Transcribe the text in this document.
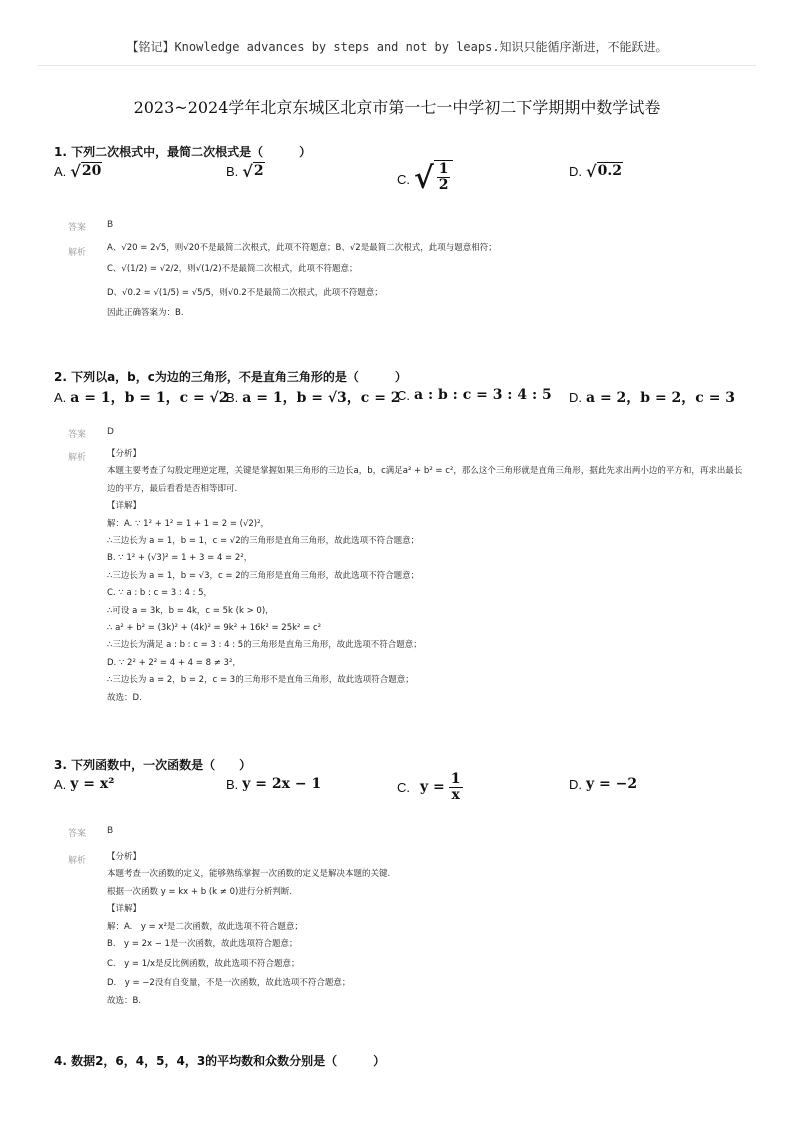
【铭记】Knowledge advances by steps and not by leaps.知识只能循序渐进，不能跃进。
2023~2024学年北京东城区北京市第一七一中学初二下学期期中数学试卷
1. 下列二次根式中，最简二次根式是（　　　）
A. √ 20	B. √ 2	C. √ $\frac{1}{2}$	D. √ 0.2
答案 B
解析 A、√20 = 2√5，则√20不是最简二次根式，此项不符题意；B、√2是最简二次根式，此项与题意相符；
C、√(1/2) = √2/2，则√(1/2)不是最简二次根式，此项不符题意；
D、√0.2 = √(1/5) = √5/5，则√0.2不是最简二次根式，此项不符题意；
因此正确答案为：B.
2. 下列以a，b，c为边的三角形，不是直角三角形的是（　　　）
A. a = 1，b = 1，c = √2
B. a = 1，b = √3，c = 2
C. a : b : c = 3 : 4 : 5 D. a = 2，b = 2，c = 3
答案 D
解析 【分析】
本题主要考查了勾股定理逆定理，关键是掌握如果三角形的三边长a，b，c满足a² + b² = c²，那么这个三角形就是直角三角形，据此先求出两小边的平方和，再求出最长边的平方，最后看看是否相等即可.
【详解】
解：A. ∵ 1² + 1² = 1 + 1 = 2 = (√2)²，
∴三边长为 a = 1，b = 1，c = √2的三角形是直角三角形，故此选项不符合题意；
B. ∵ 1² + (√3)² = 1 + 3 = 4 = 2²，
∴三边长为 a = 1，b = √3，c = 2的三角形是直角三角形，故此选项不符合题意；
C. ∵ a : b : c = 3 : 4 : 5，
∴可设 a = 3k，b = 4k，c = 5k (k > 0)，
∴ a² + b² = (3k)² + (4k)² = 9k² + 16k² = 25k² = c²
∴三边长为满足 a : b : c = 3 : 4 : 5的三角形是直角三角形，故此选项不符合题意；
D. ∵ 2² + 2² = 4 + 4 = 8 ≠ 3²，
∴三边长为 a = 2，b = 2，c = 3的三角形不是直角三角形，故此选项符合题意；
故选：D.
3. 下列函数中，一次函数是（　　）
A. y = x²	B. y = 2x − 1	C. $y = \frac{1}{x}$	D. y = −2
答案 B
解析 【分析】
本题考查一次函数的定义，能够熟练掌握一次函数的定义是解决本题的关键.
根据一次函数 y = kx + b (k ≠ 0)进行分析判断.
【详解】
解：A.　y = x²是二次函数，故此选项不符合题意；
B.　y = 2x − 1是一次函数，故此选项符合题意；
C.　y = 1/x是反比例函数，故此选项不符合题意；
D.　y = −2没有自变量，不是一次函数，故此选项不符合题意；
故选：B.
4. 数据2，6，4，5，4，3的平均数和众数分别是（　　　）
